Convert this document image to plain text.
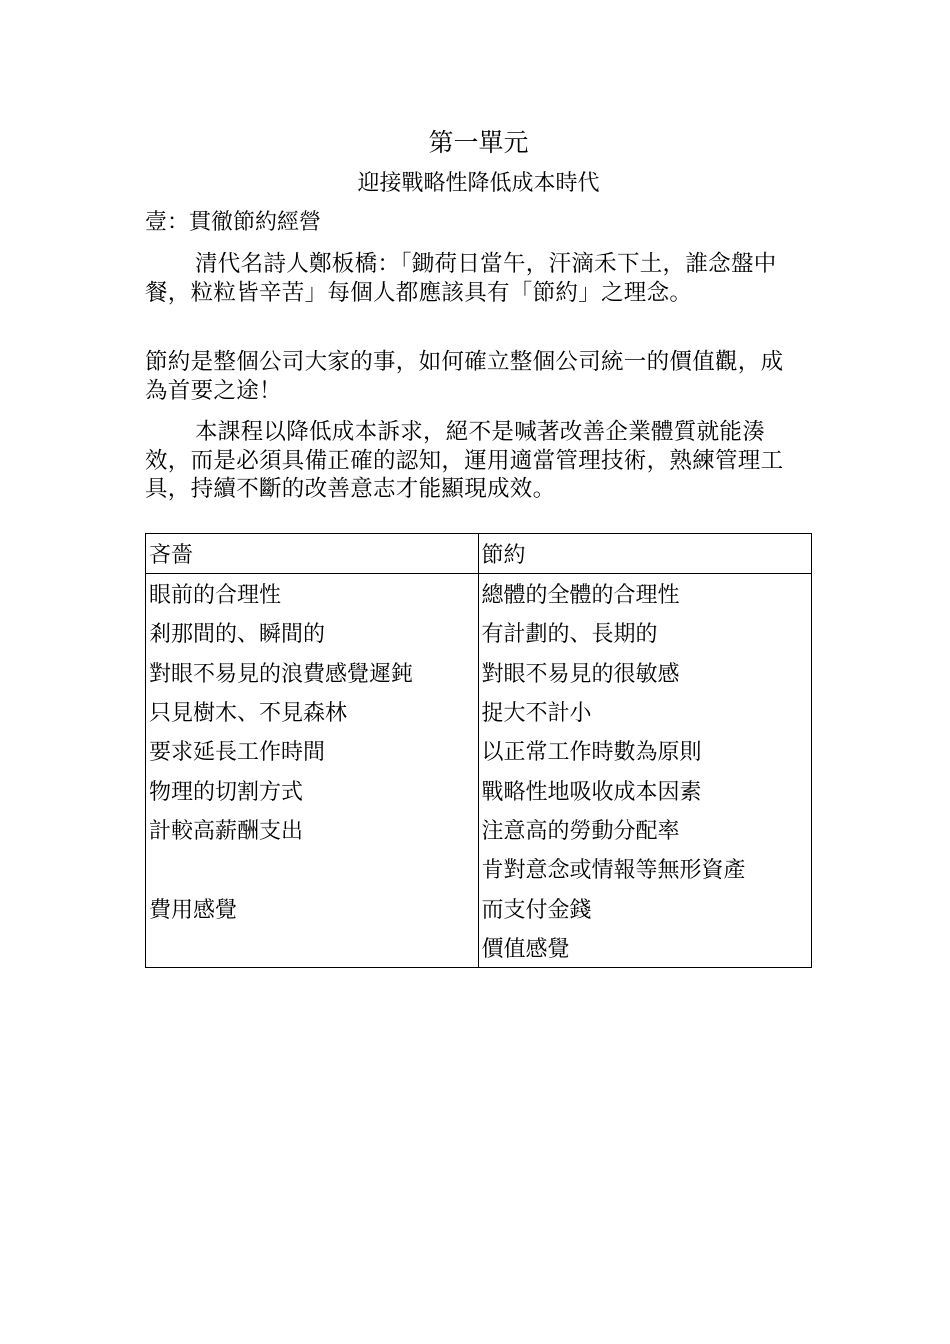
第一單元
迎接戰略性降低成本時代
壹：貫徹節約經營
清代名詩人鄭板橋：「鋤荷日當午，汗滴禾下土，誰念盤中餐，粒粒皆辛苦」每個人都應該具有「節約」之理念。
節約是整個公司大家的事，如何確立整個公司統一的價值觀，成為首要之途！
本課程以降低成本訴求，絕不是喊著改善企業體質就能湊效，而是必須具備正確的認知，運用適當管理技術，熟練管理工具，持續不斷的改善意志才能顯現成效。
吝嗇	節約
眼前的合理性	總體的全體的合理性
剎那間的、瞬間的	有計劃的、長期的
對眼不易見的浪費感覺遲鈍	對眼不易見的很敏感
只見樹木、不見森林	捉大不計小
要求延長工作時間	以正常工作時數為原則
物理的切割方式	戰略性地吸收成本因素
計較高薪酬支出	注意高的勞動分配率
	肯對意念或情報等無形資產
費用感覺	而支付金錢
	價值感覺
